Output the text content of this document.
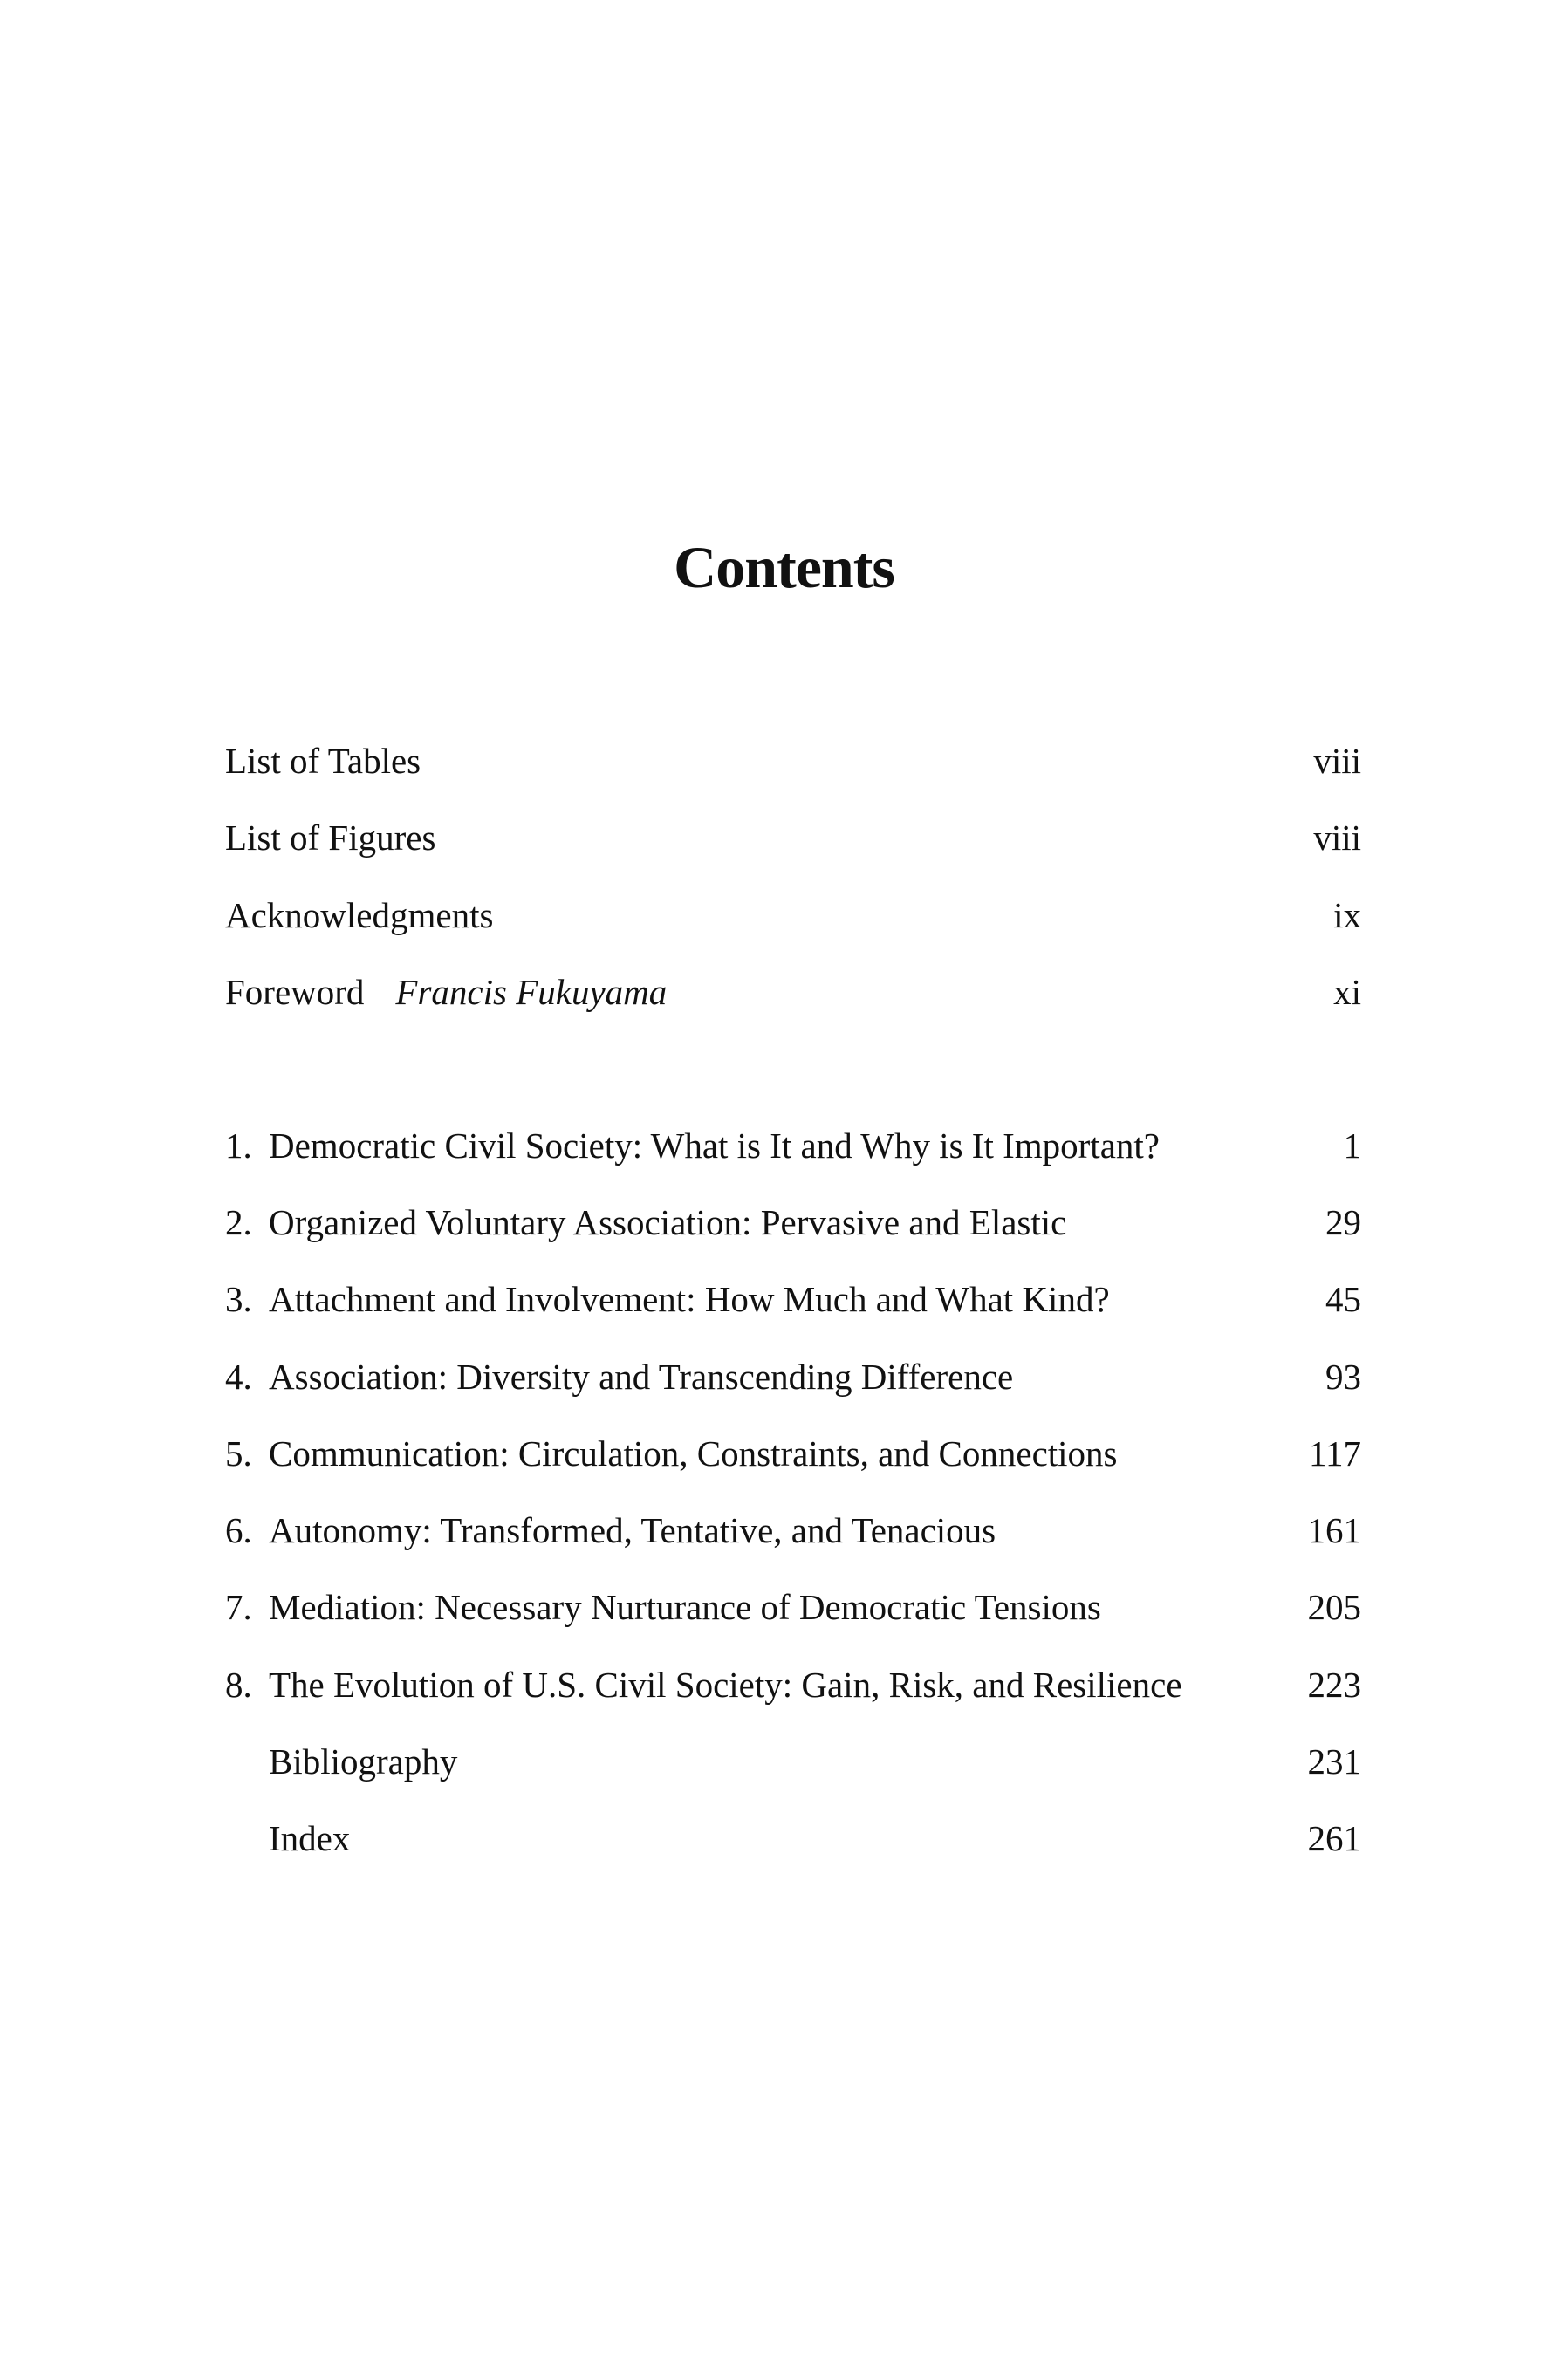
Contents
List of Tables	viii
List of Figures	viii
Acknowledgments	ix
Foreword Francis Fukuyama	xi
1. Democratic Civil Society: What is It and Why is It Important?	1
2. Organized Voluntary Association: Pervasive and Elastic	29
3. Attachment and Involvement: How Much and What Kind?	45
4. Association: Diversity and Transcending Difference	93
5. Communication: Circulation, Constraints, and Connections	117
6. Autonomy: Transformed, Tentative, and Tenacious	161
7. Mediation: Necessary Nurturance of Democratic Tensions	205
8. The Evolution of U.S. Civil Society: Gain, Risk, and Resilience	223
Bibliography	231
Index	261
